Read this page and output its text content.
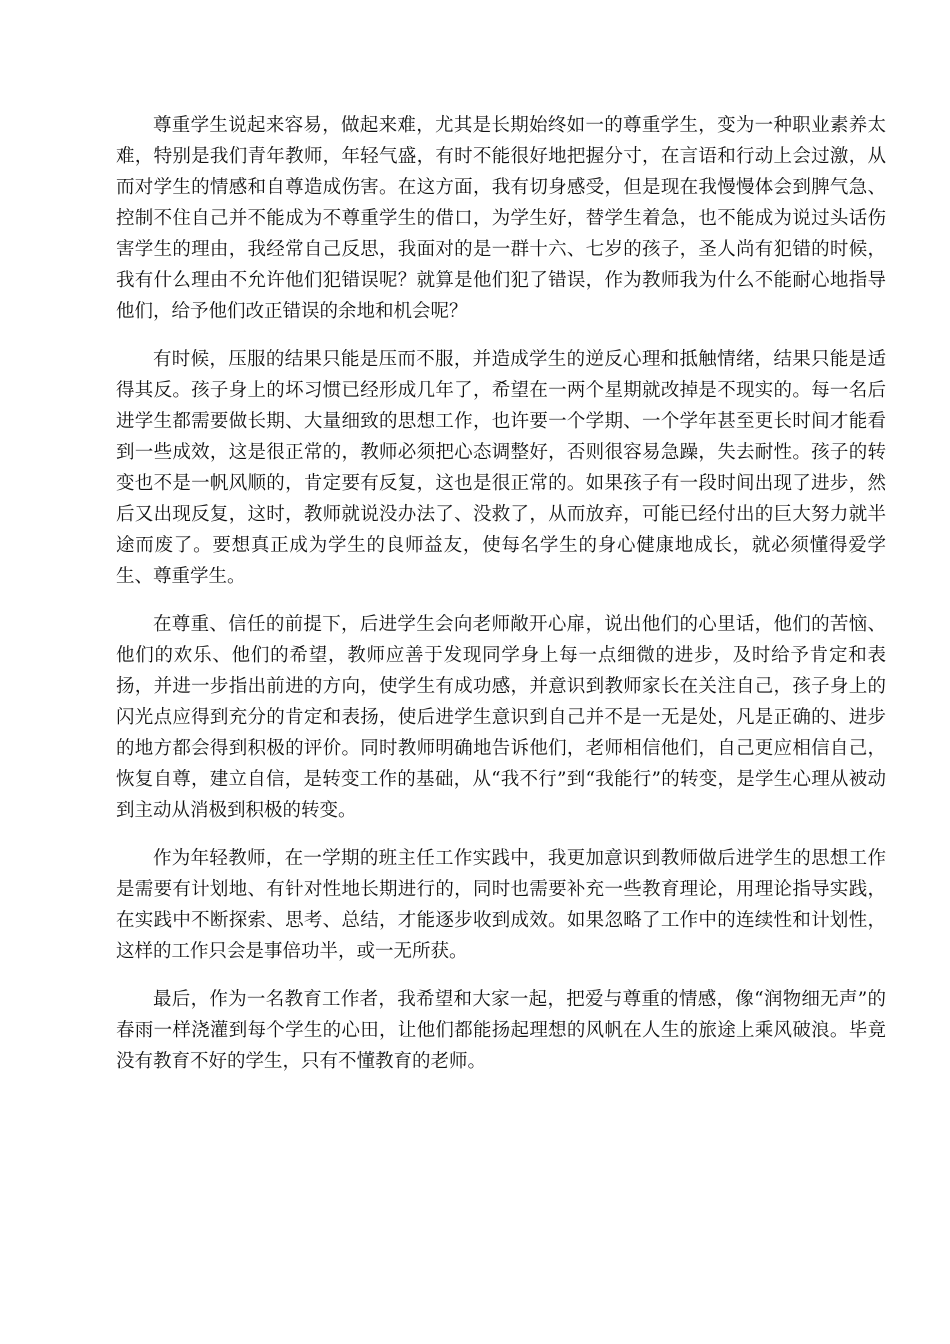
尊重学生说起来容易，做起来难，尤其是长期始终如一的尊重学生，变为一种职业素养太难，特别是我们青年教师，年轻气盛，有时不能很好地把握分寸，在言语和行动上会过激，从而对学生的情感和自尊造成伤害。在这方面，我有切身感受，但是现在我慢慢体会到脾气急、控制不住自己并不能成为不尊重学生的借口，为学生好，替学生着急，也不能成为说过头话伤害学生的理由，我经常自己反思，我面对的是一群十六、七岁的孩子，圣人尚有犯错的时候，我有什么理由不允许他们犯错误呢？就算是他们犯了错误，作为教师我为什么不能耐心地指导他们，给予他们改正错误的余地和机会呢？

有时候，压服的结果只能是压而不服，并造成学生的逆反心理和抵触情绪，结果只能是适得其反。孩子身上的坏习惯已经形成几年了，希望在一两个星期就改掉是不现实的。每一名后进学生都需要做长期、大量细致的思想工作，也许要一个学期、一个学年甚至更长时间才能看到一些成效，这是很正常的，教师必须把心态调整好，否则很容易急躁，失去耐性。孩子的转变也不是一帆风顺的，肯定要有反复，这也是很正常的。如果孩子有一段时间出现了进步，然后又出现反复，这时，教师就说没办法了、没救了，从而放弃，可能已经付出的巨大努力就半途而废了。要想真正成为学生的良师益友，使每名学生的身心健康地成长，就必须懂得爱学生、尊重学生。

在尊重、信任的前提下，后进学生会向老师敞开心扉，说出他们的心里话，他们的苦恼、他们的欢乐、他们的希望，教师应善于发现同学身上每一点细微的进步，及时给予肯定和表扬，并进一步指出前进的方向，使学生有成功感，并意识到教师家长在关注自己，孩子身上的闪光点应得到充分的肯定和表扬，使后进学生意识到自己并不是一无是处，凡是正确的、进步的地方都会得到积极的评价。同时教师明确地告诉他们，老师相信他们，自己更应相信自己，恢复自尊，建立自信，是转变工作的基础，从“我不行”到“我能行”的转变，是学生心理从被动到主动从消极到积极的转变。

作为年轻教师，在一学期的班主任工作实践中，我更加意识到教师做后进学生的思想工作是需要有计划地、有针对性地长期进行的，同时也需要补充一些教育理论，用理论指导实践，在实践中不断探索、思考、总结，才能逐步收到成效。如果忽略了工作中的连续性和计划性，这样的工作只会是事倍功半，或一无所获。

最后，作为一名教育工作者，我希望和大家一起，把爱与尊重的情感，像“润物细无声”的春雨一样浇灌到每个学生的心田，让他们都能扬起理想的风帆在人生的旅途上乘风破浪。毕竟没有教育不好的学生，只有不懂教育的老师。
